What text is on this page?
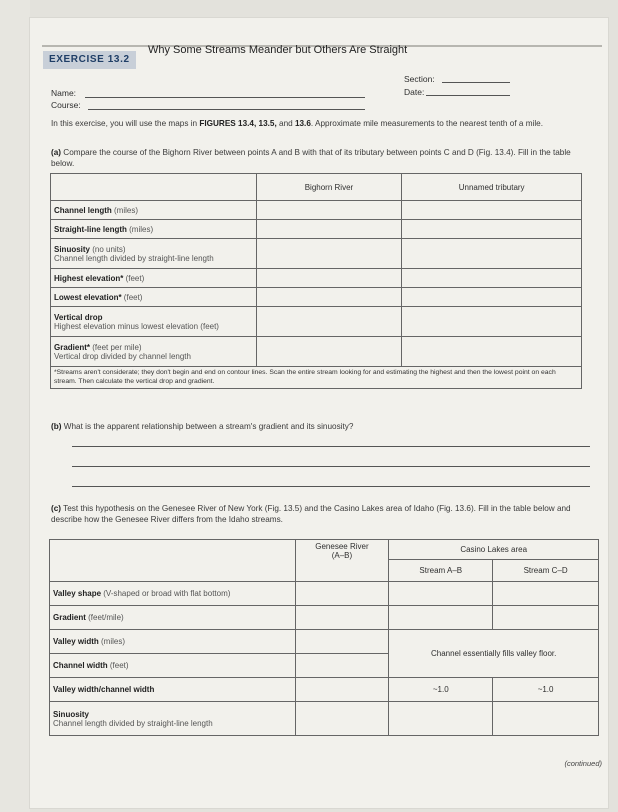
EXERCISE 13.2
Why Some Streams Meander but Others Are Straight
Name:
Course:
Section:
Date:
In this exercise, you will use the maps in FIGURES 13.4, 13.5, and 13.6. Approximate mile measurements to the nearest tenth of a mile.
(a) Compare the course of the Bighorn River between points A and B with that of its tributary between points C and D (Fig. 13.4). Fill in the table below.
	Bighorn River	Unnamed tributary
Channel length (miles)		
Straight-line length (miles)		
Sinuosity (no units)
Channel length divided by straight-line length		
Highest elevation* (feet)		
Lowest elevation* (feet)		
Vertical drop
Highest elevation minus lowest elevation (feet)		
Gradient* (feet per mile)
Vertical drop divided by channel length		
*Streams aren't considerate; they don't begin and end on contour lines. Scan the entire stream looking for and estimating the highest and then the lowest point on each stream. Then calculate the vertical drop and gradient.		
(b) What is the apparent relationship between a stream's gradient and its sinuosity?
(c) Test this hypothesis on the Genesee River of New York (Fig. 13.5) and the Casino Lakes area of Idaho (Fig. 13.6). Fill in the table below and describe how the Genesee River differs from the Idaho streams.
	Genesee River
(A–B)	Casino Lakes area	
		Stream A–B	Stream C–D
Valley shape (V-shaped or broad with flat bottom)			
Gradient (feet/mile)			
Valley width (miles)		Channel essentially fills valley floor.	
Channel width (feet)			
Valley width/channel width		~1.0	~1.0
Sinuosity
Channel length divided by straight-line length			
(continued)
